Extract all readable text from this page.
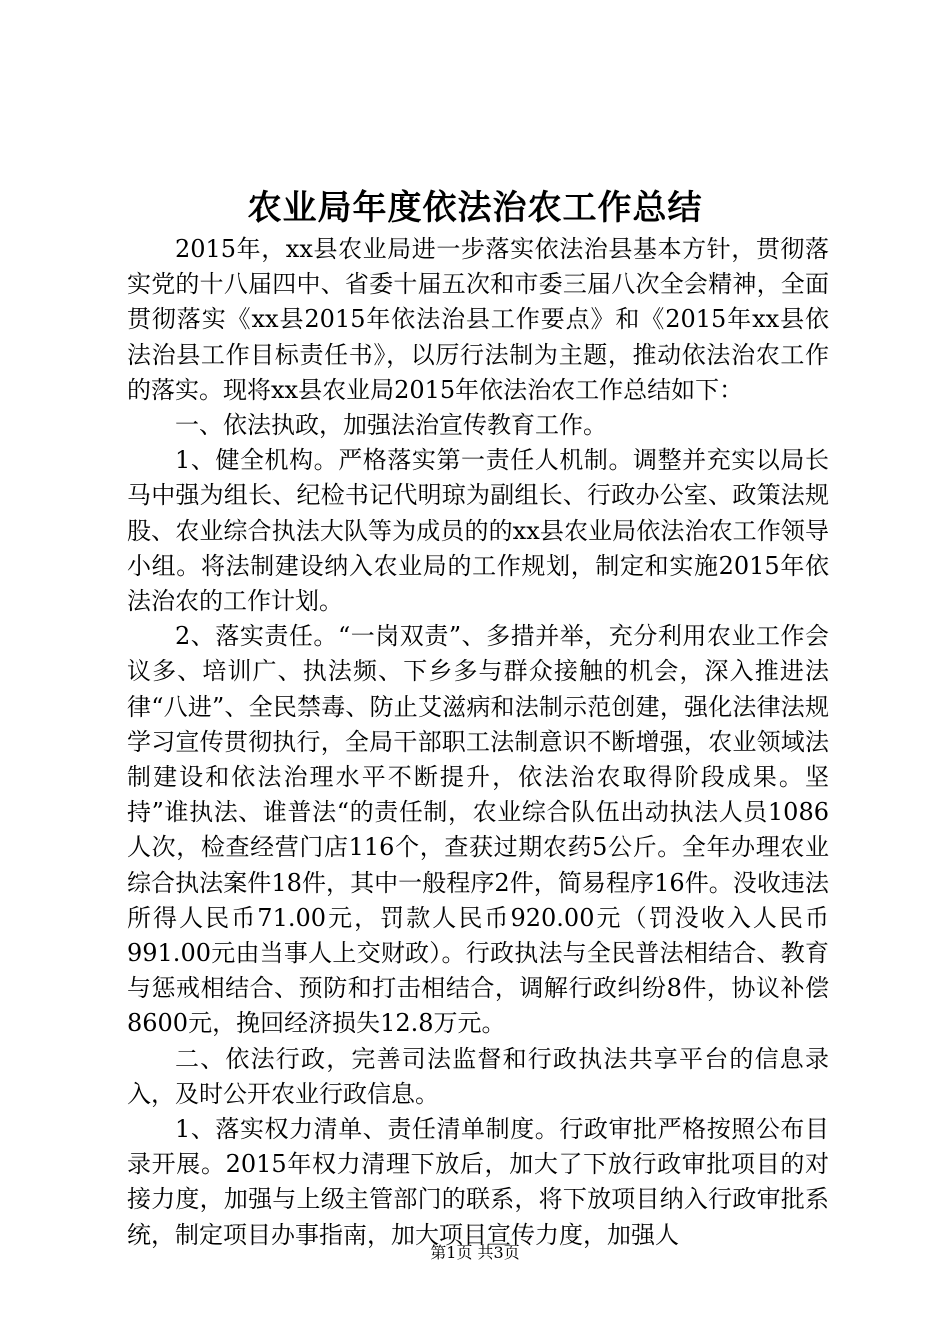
农业局年度依法治农工作总结

2015年，xx县农业局进一步落实依法治县基本方针，贯彻落实党的十八届四中、省委十届五次和市委三届八次全会精神，全面贯彻落实《xx县2015年依法治县工作要点》和《2015年xx县依法治县工作目标责任书》，以厉行法制为主题，推动依法治农工作的落实。现将xx县农业局2015年依法治农工作总结如下：

一、依法执政，加强法治宣传教育工作。

1、健全机构。严格落实第一责任人机制。调整并充实以局长马中强为组长、纪检书记代明琼为副组长、行政办公室、政策法规股、农业综合执法大队等为成员的的xx县农业局依法治农工作领导小组。将法制建设纳入农业局的工作规划，制定和实施2015年依法治农的工作计划。

2、落实责任。“一岗双责”、多措并举，充分利用农业工作会议多、培训广、执法频、下乡多与群众接触的机会，深入推进法律“八进”、全民禁毒、防止艾滋病和法制示范创建，强化法律法规学习宣传贯彻执行，全局干部职工法制意识不断增强，农业领域法制建设和依法治理水平不断提升，依法治农取得阶段成果。坚持”谁执法、谁普法“的责任制，农业综合队伍出动执法人员1086人次，检查经营门店116个，查获过期农药5公斤。全年办理农业综合执法案件18件，其中一般程序2件，简易程序16件。没收违法所得人民币71.00元，罚款人民币920.00元（罚没收入人民币991.00元由当事人上交财政）。行政执法与全民普法相结合、教育与惩戒相结合、预防和打击相结合，调解行政纠纷8件，协议补偿8600元，挽回经济损失12.8万元。

二、依法行政，完善司法监督和行政执法共享平台的信息录入，及时公开农业行政信息。

1、落实权力清单、责任清单制度。行政审批严格按照公布目录开展。2015年权力清理下放后，加大了下放行政审批项目的对接力度，加强与上级主管部门的联系，将下放项目纳入行政审批系统，制定项目办事指南，加大项目宣传力度，加强人

第1页 共3页
